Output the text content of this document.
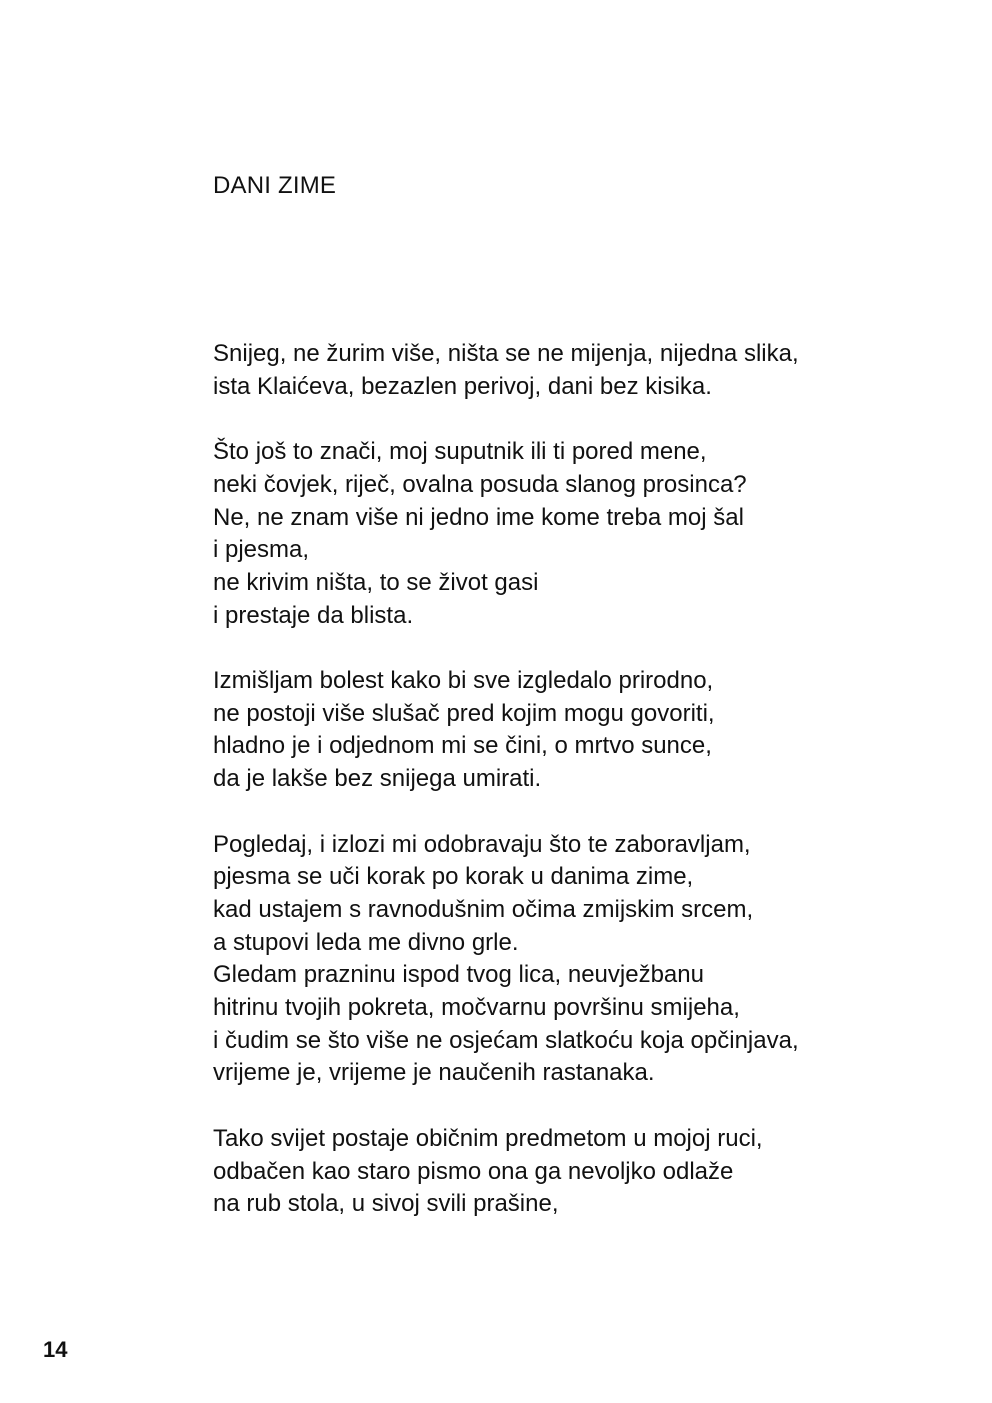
DANI ZIME
Snijeg, ne žurim više, ništa se ne mijenja, nijedna slika,
ista Klaićeva, bezazlen perivoj, dani bez kisika.
Što još to znači, moj suputnik ili ti pored mene,
neki čovjek, riječ, ovalna posuda slanog prosinca?
Ne, ne znam više ni jedno ime kome treba moj šal
i pjesma,
ne krivim ništa, to se život gasi
i prestaje da blista.
Izmišljam bolest kako bi sve izgledalo prirodno,
ne postoji više slušač pred kojim mogu govoriti,
hladno je i odjednom mi se čini, o mrtvo sunce,
da je lakše bez snijega umirati.
Pogledaj, i izlozi mi odobravaju što te zaboravljam,
pjesma se uči korak po korak u danima zime,
kad ustajem s ravnodušnim očima zmijskim srcem,
a stupovi leda me divno grle.
Gledam prazninu ispod tvog lica, neuvježbanu
hitrinu tvojih pokreta, močvarnu površinu smijeha,
i čudim se što više ne osjećam slatkoću koja opčinjava,
vrijeme je, vrijeme je naučenih rastanaka.
Tako svijet postaje običnim predmetom u mojoj ruci,
odbačen kao staro pismo ona ga nevoljko odlaže
na rub stola, u sivoj svili prašine,
14
